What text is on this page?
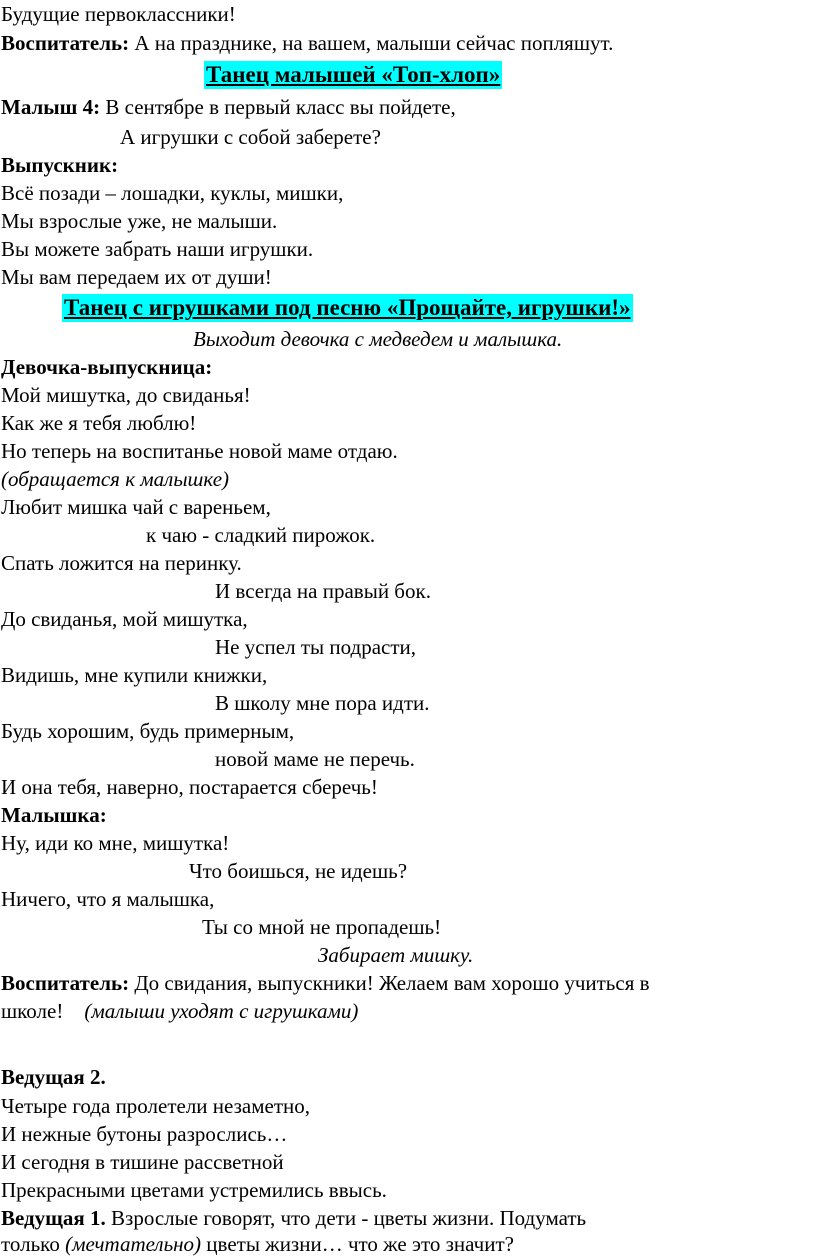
Будущие первоклассники!
Воспитатель: А на празднике, на вашем, малыши сейчас попляшут.
Танец малышей «Топ-хлоп»
Малыш 4: В сентябре в первый класс вы пойдете,
А игрушки с собой заберете?
Выпускник:
Всё позади – лошадки, куклы, мишки,
Мы взрослые уже, не малыши.
Вы можете забрать наши игрушки.
Мы вам передаем их от души!
Танец с игрушками под песню «Прощайте, игрушки!»
Выходит девочка с медведем и малышка.
Девочка-выпускница:
Мой мишутка, до свиданья!
Как же я тебя люблю!
Но теперь на воспитанье новой маме отдаю.
(обращается к малышке)
Любит мишка чай с вареньем,
к чаю - сладкий пирожок.
Спать ложится на перинку.
И всегда на правый бок.
До свиданья, мой мишутка,
Не успел ты подрасти,
Видишь, мне купили книжки,
В школу мне пора идти.
Будь хорошим, будь примерным,
новой маме не перечь.
И она тебя, наверно, постарается сберечь!
Малышка:
Ну, иди ко мне, мишутка!
Что боишься, не идешь?
Ничего, что я малышка,
Ты со мной не пропадешь!
Забирает мишку.
Воспитатель: До свидания, выпускники! Желаем вам хорошо учиться в
школе!    (малыши уходят с игрушками)
Ведущая 2.
Четыре года пролетели незаметно,
И нежные бутоны разрослись…
И сегодня в тишине рассветной
Прекрасными цветами устремились ввысь.
Ведущая 1. Взрослые говорят, что дети - цветы жизни. Подумать
только (мечтательно) цветы жизни… что же это значит?
